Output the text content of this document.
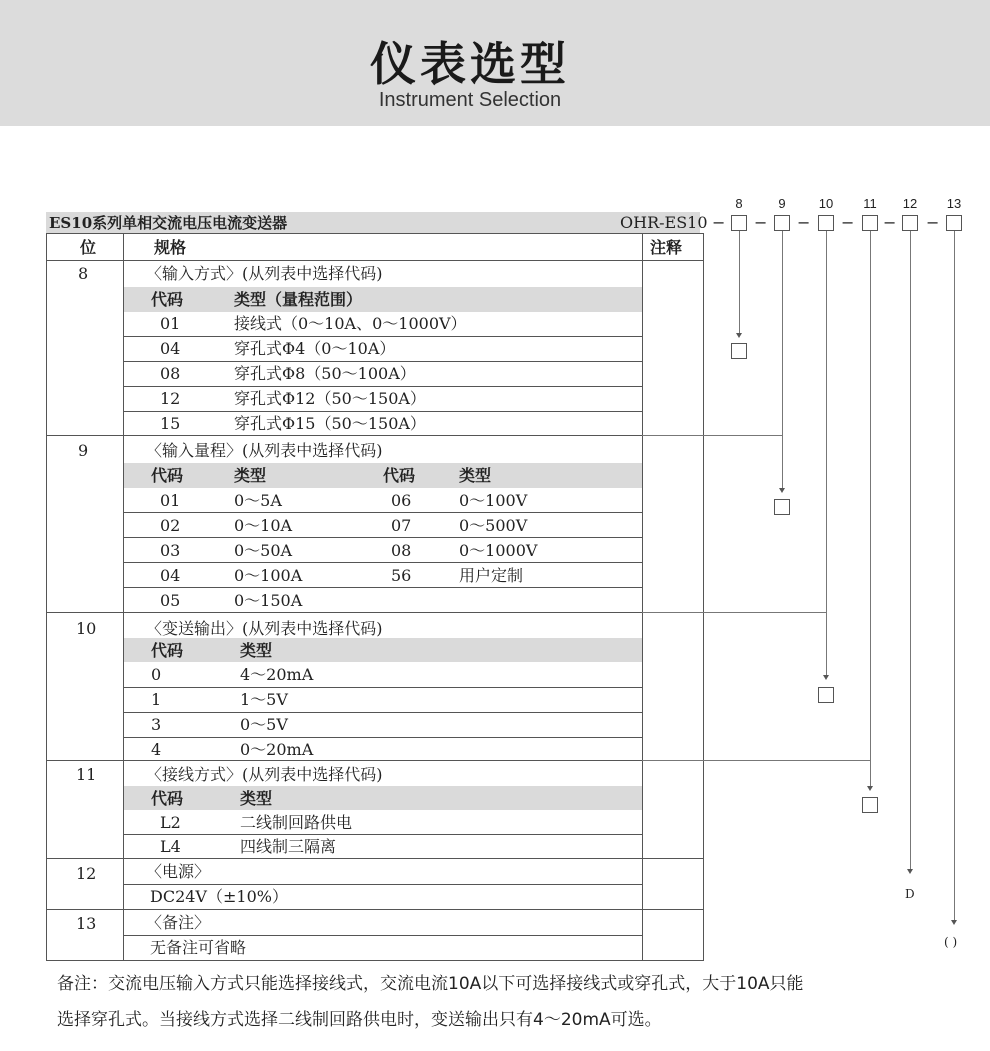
仪表选型
Instrument Selection
8	9	10 11 12 13
ES10系列单相交流电压电流变送器	OHR-ES10 − − − − − −
位	规格	注释
8	〈输入方式〉(从列表中选择代码)
代码	类型（量程范围）
01	接线式（0～10A、0～1000V）
04	穿孔式Φ4（0～10A）
08	穿孔式Φ8（50～100A）
12	穿孔式Φ12（50～150A）
15	穿孔式Φ15（50～150A）
9	〈输入量程〉(从列表中选择代码)
代码	类型	代码	类型
01	0～5A	06	0～100V
02	0～10A	07	0～500V
03	0～50A	08	0～1000V
04	0～100A	56	用户定制
05	0～150A
10	〈变送输出〉(从列表中选择代码)
代码	类型
0	4～20mA
1	1～5V
3	0～5V
4	0～20mA
11	〈接线方式〉(从列表中选择代码)
代码	类型
L2	二线制回路供电
L4	四线制三隔离
12	〈电源〉
DC24V（±10%）
13	〈备注〉
无备注可省略
D
( )
备注：交流电压输入方式只能选择接线式，交流电流10A以下可选择接线式或穿孔式，大于10A只能
选择穿孔式。当接线方式选择二线制回路供电时，变送输出只有4～20mA可选。
